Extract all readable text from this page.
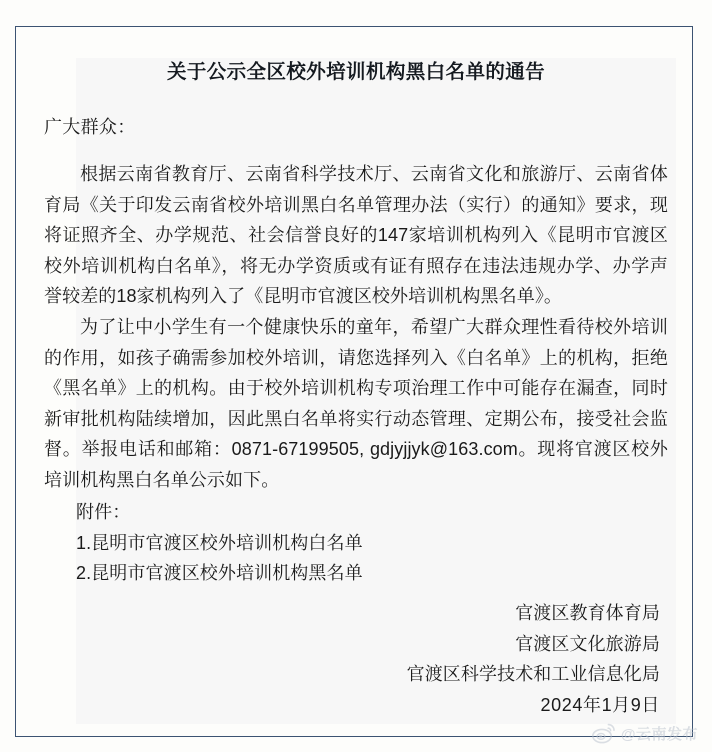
关于公示全区校外培训机构黑白名单的通告
广大群众：

根据云南省教育厅、云南省科学技术厅、云南省文化和旅游厅、云南省体育局《关于印发云南省校外培训黑白名单管理办法（实行）的通知》要求，现将证照齐全、办学规范、社会信誉良好的147家培训机构列入《昆明市官渡区校外培训机构白名单》，将无办学资质或有证有照存在违法违规办学、办学声誉较差的18家机构列入了《昆明市官渡区校外培训机构黑名单》。

为了让中小学生有一个健康快乐的童年，希望广大群众理性看待校外培训的作用，如孩子确需参加校外培训，请您选择列入《白名单》上的机构，拒绝《黑名单》上的机构。由于校外培训机构专项治理工作中可能存在漏查，同时新审批机构陆续增加，因此黑白名单将实行动态管理、定期公布，接受社会监督。举报电话和邮箱：0871-67199505, gdjyjjyk@163.com。现将官渡区校外培训机构黑白名单公示如下。

附件：
1.昆明市官渡区校外培训机构白名单
2.昆明市官渡区校外培训机构黑名单
官渡区教育体育局
官渡区文化旅游局
官渡区科学技术和工业信息化局
2024年1月9日
@云南发布
